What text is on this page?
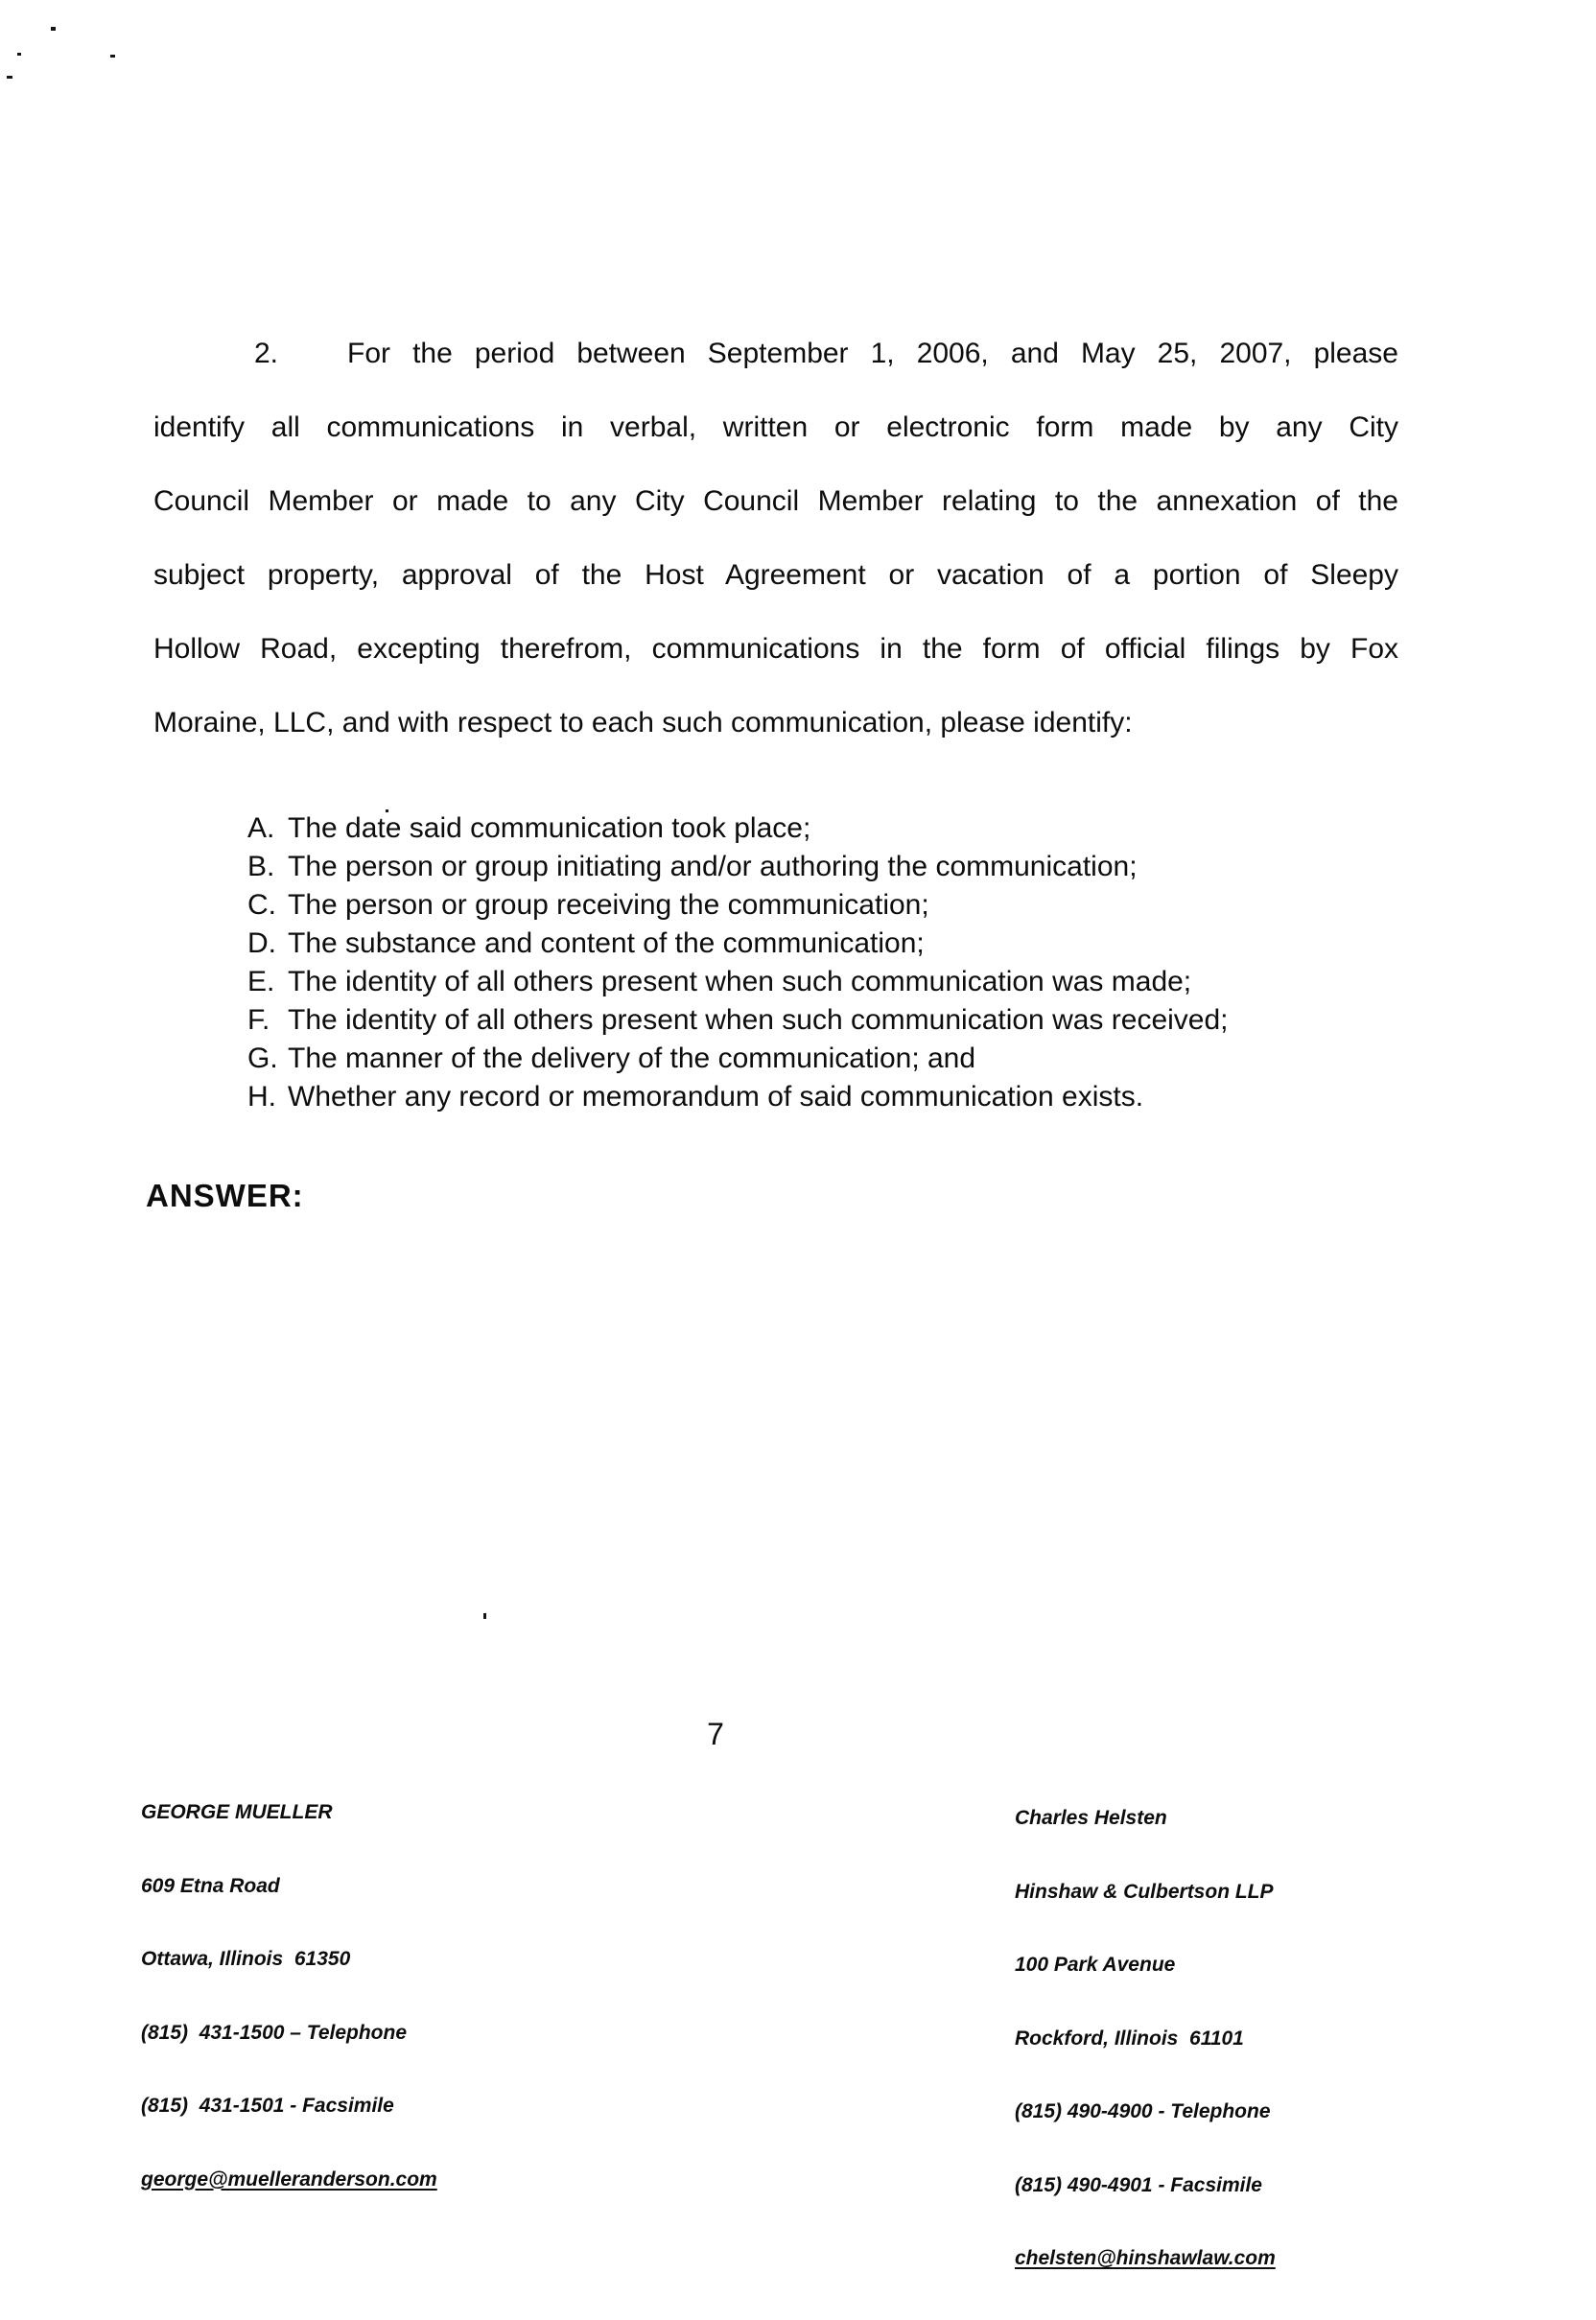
2. For the period between September 1, 2006, and May 25, 2007, please
identify all communications in verbal, written or electronic form made by any City
Council Member or made to any City Council Member relating to the annexation of the
subject property, approval of the Host Agreement or vacation of a portion of Sleepy
Hollow Road, excepting therefrom, communications in the form of official filings by Fox
Moraine, LLC, and with respect to each such communication, please identify:
A. The date said communication took place;
B. The person or group initiating and/or authoring the communication;
C. The person or group receiving the communication;
D. The substance and content of the communication;
E. The identity of all others present when such communication was made;
F. The identity of all others present when such communication was received;
G. The manner of the delivery of the communication; and
H. Whether any record or memorandum of said communication exists.
ANSWER:
7

GEORGE MUELLER

609 Etna Road

Ottawa, Illinois  61350

(815)  431-1500 – Telephone

(815)  431-1501 - Facsimile

george@muelleranderson.com

Charles Helsten

Hinshaw & Culbertson LLP

100 Park Avenue

Rockford, Illinois  61101

(815) 490-4900 - Telephone

(815) 490-4901 - Facsimile

chelsten@hinshawlaw.com
